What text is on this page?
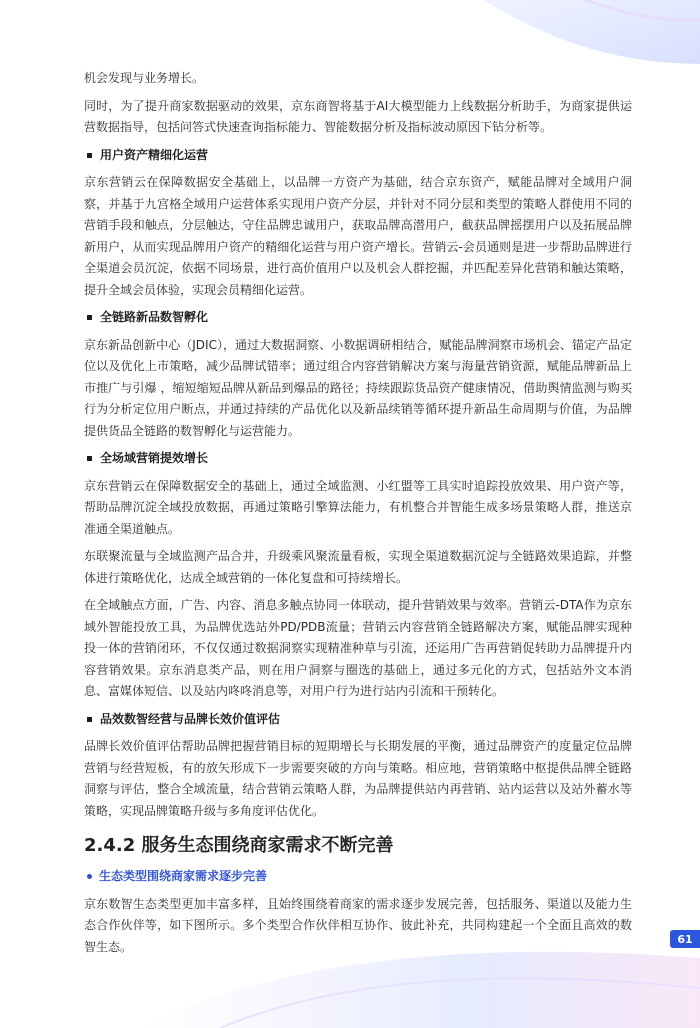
机会发现与业务增长。

同时，为了提升商家数据驱动的效果，京东商智将基于AI大模型能力上线数据分析助手，为商家提供运营数据指导，包括问答式快速查询指标能力、智能数据分析及指标波动原因下钻分析等。

用户资产精细化运营

京东营销云在保障数据安全基础上，以品牌一方资产为基础，结合京东资产，赋能品牌对全域用户洞察，并基于九宫格全域用户运营体系实现用户资产分层，并针对不同分层和类型的策略人群使用不同的营销手段和触点，分层触达，守住品牌忠诚用户，获取品牌高潜用户，截获品牌摇摆用户以及拓展品牌新用户，从而实现品牌用户资产的精细化运营与用户资产增长。营销云-会员通则是进一步帮助品牌进行全渠道会员沉淀，依据不同场景，进行高价值用户以及机会人群挖掘，并匹配差异化营销和触达策略，提升全域会员体验，实现会员精细化运营。

全链路新品数智孵化

京东新品创新中心（JDIC），通过大数据洞察、小数据调研相结合，赋能品牌洞察市场机会、锚定产品定位以及优化上市策略，减少品牌试错率；通过组合内容营销解决方案与海量营销资源，赋能品牌新品上市推广与引爆 ，缩短缩短品牌从新品到爆品的路径；持续跟踪货品资产健康情况，借助舆情监测与购买行为分析定位用户断点，并通过持续的产品优化以及新品续销等循环提升新品生命周期与价值，为品牌提供货品全链路的数智孵化与运营能力。

全场域营销提效增长

京东营销云在保障数据安全的基础上，通过全域监测、小红盟等工具实时追踪投放效果、用户资产等，帮助品牌沉淀全域投放数据，再通过策略引擎算法能力，有机整合并智能生成多场景策略人群，推送京准通全渠道触点。

东联聚流量与全域监测产品合并，升级乘风聚流量看板，实现全渠道数据沉淀与全链路效果追踪，并整体进行策略优化，达成全域营销的一体化复盘和可持续增长。

在全域触点方面，广告、内容、消息多触点协同一体联动，提升营销效果与效率。营销云-DTA作为京东域外智能投放工具，为品牌优选站外PD/PDB流量；营销云内容营销全链路解决方案，赋能品牌实现种投一体的营销闭环，不仅仅通过数据洞察实现精准种草与引流，还运用广告再营销促转助力品牌提升内容营销效果。京东消息类产品，则在用户洞察与圈选的基础上，通过多元化的方式，包括站外文本消息、富媒体短信、以及站内咚咚消息等，对用户行为进行站内引流和干预转化。

品效数智经营与品牌长效价值评估

品牌长效价值评估帮助品牌把握营销目标的短期增长与长期发展的平衡，通过品牌资产的度量定位品牌营销与经营短板，有的放矢形成下一步需要突破的方向与策略。相应地，营销策略中枢提供品牌全链路洞察与评估，整合全域流量，结合营销云策略人群，为品牌提供站内再营销、站内运营以及站外蓄水等策略，实现品牌策略升级与多角度评估优化。

2.4.2 服务生态围绕商家需求不断完善
生态类型围绕商家需求逐步完善

京东数智生态类型更加丰富多样，且始终围绕着商家的需求逐步发展完善，包括服务、渠道以及能力生态合作伙伴等，如下图所示。多个类型合作伙伴相互协作、彼此补充，共同构建起一个全面且高效的数智生态。

61
